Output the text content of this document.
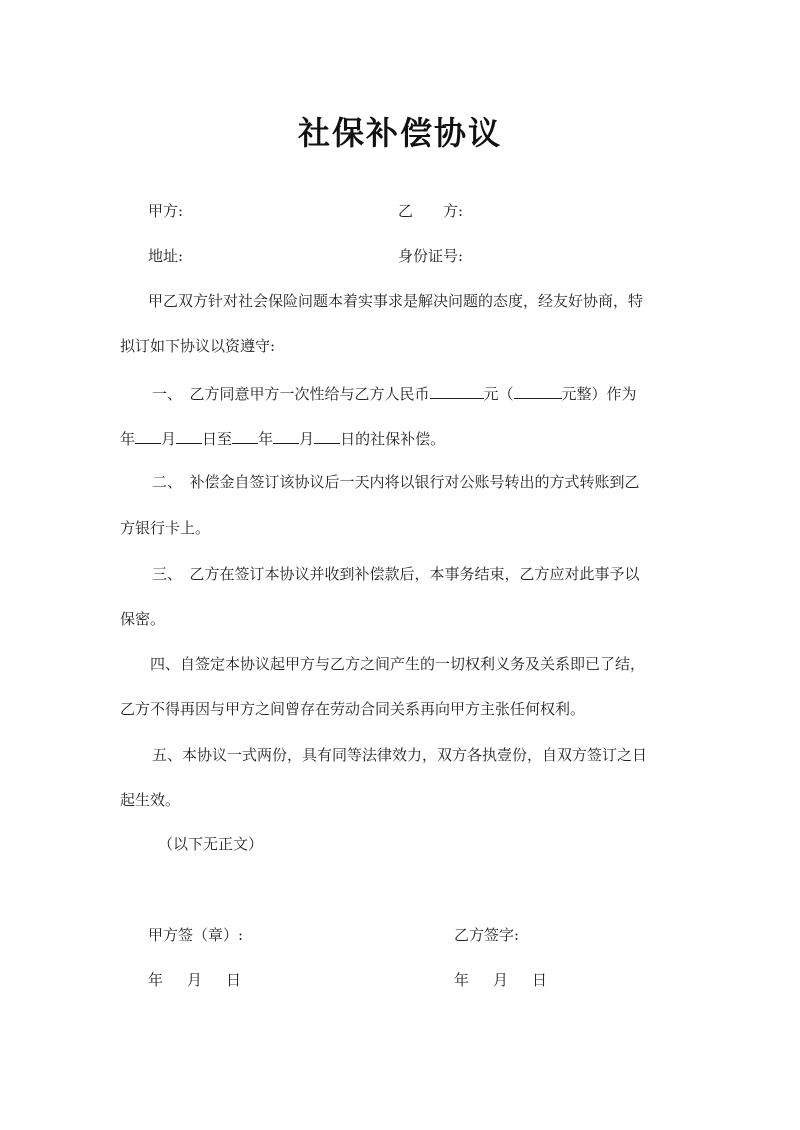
社保补偿协议
甲方:	乙　　方:
地址:	身份证号:
甲乙双方针对社会保险问题本着实事求是解决问题的态度，经友好协商，特
拟订如下协议以资遵守:
一、　乙方同意甲方一次性给与乙方人民币	元（	元整）作为
年 月 日至 年 月 日的社保补偿。
二、　补偿金自签订该协议后一天内将以银行对公账号转出的方式转账到乙
方银行卡上。
三、　乙方在签订本协议并收到补偿款后，本事务结束，乙方应对此事予以
保密。
四、自签定本协议起甲方与乙方之间产生的一切权利义务及关系即已了结，
乙方不得再因与甲方之间曾存在劳动合同关系再向甲方主张任何权利。
五、本协议一式两份，具有同等法律效力，双方各执壹份，自双方签订之日
起生效。
（以下无正文）
甲方签（章）:	乙方签字:
年 月 日	年 月 日
